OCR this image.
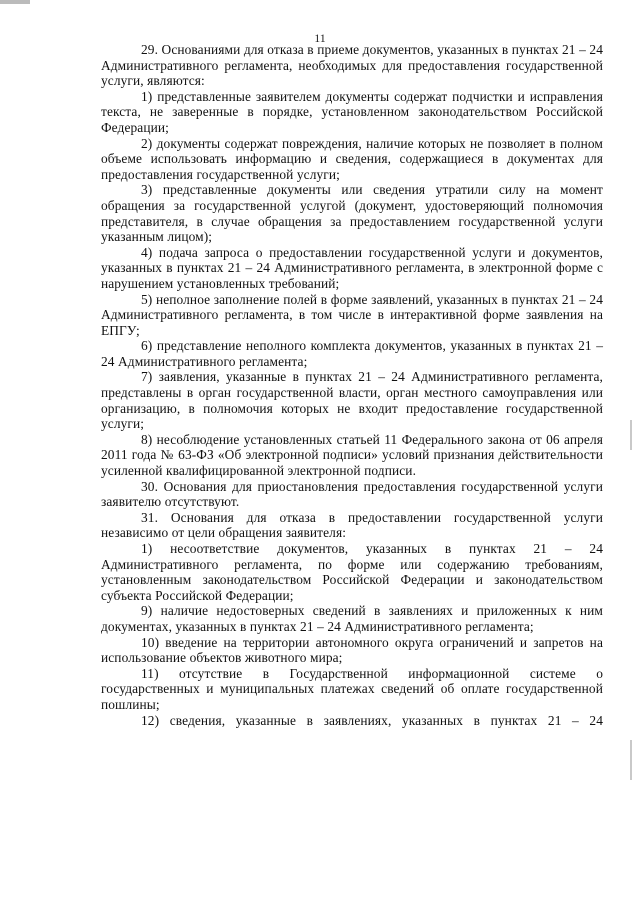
11

29. Основаниями для отказа в приеме документов, указанных в пунктах 21 – 24 Административного регламента, необходимых для предоставления государственной услуги, являются:

1) представленные заявителем документы содержат подчистки и исправления текста, не заверенные в порядке, установленном законодательством Российской Федерации;

2) документы содержат повреждения, наличие которых не позволяет в полном объеме использовать информацию и сведения, содержащиеся в документах для предоставления государственной услуги;

3) представленные документы или сведения утратили силу на момент обращения за государственной услугой (документ, удостоверяющий полномочия представителя, в случае обращения за предоставлением государственной услуги указанным лицом);

4) подача запроса о предоставлении государственной услуги и документов, указанных в пунктах 21 – 24 Административного регламента, в электронной форме с нарушением установленных требований;

5) неполное заполнение полей в форме заявлений, указанных в пунктах 21 – 24 Административного регламента, в том числе в интерактивной форме заявления на ЕПГУ;

6) представление неполного комплекта документов, указанных в пунктах 21 – 24 Административного регламента;

7) заявления, указанные в пунктах 21 – 24 Административного регламента, представлены в орган государственной власти, орган местного самоуправления или организацию, в полномочия которых не входит предоставление государственной услуги;

8) несоблюдение установленных статьей 11 Федерального закона от 06 апреля 2011 года № 63-ФЗ «Об электронной подписи» условий признания действительности усиленной квалифицированной электронной подписи.

30. Основания для приостановления предоставления государственной услуги заявителю отсутствуют.

31. Основания для отказа в предоставлении государственной услуги независимо от цели обращения заявителя:

1) несоответствие документов, указанных в пунктах 21 – 24 Административного регламента, по форме или содержанию требованиям, установленным законодательством Российской Федерации и законодательством субъекта Российской Федерации;

9) наличие недостоверных сведений в заявлениях и приложенных к ним документах, указанных в пунктах 21 – 24 Административного регламента;

10) введение на территории автономного округа ограничений и запретов на использование объектов животного мира;

11) отсутствие в Государственной информационной системе о государственных и муниципальных платежах сведений об оплате государственной пошлины;

12) сведения, указанные в заявлениях, указанных в пунктах 21 – 24
